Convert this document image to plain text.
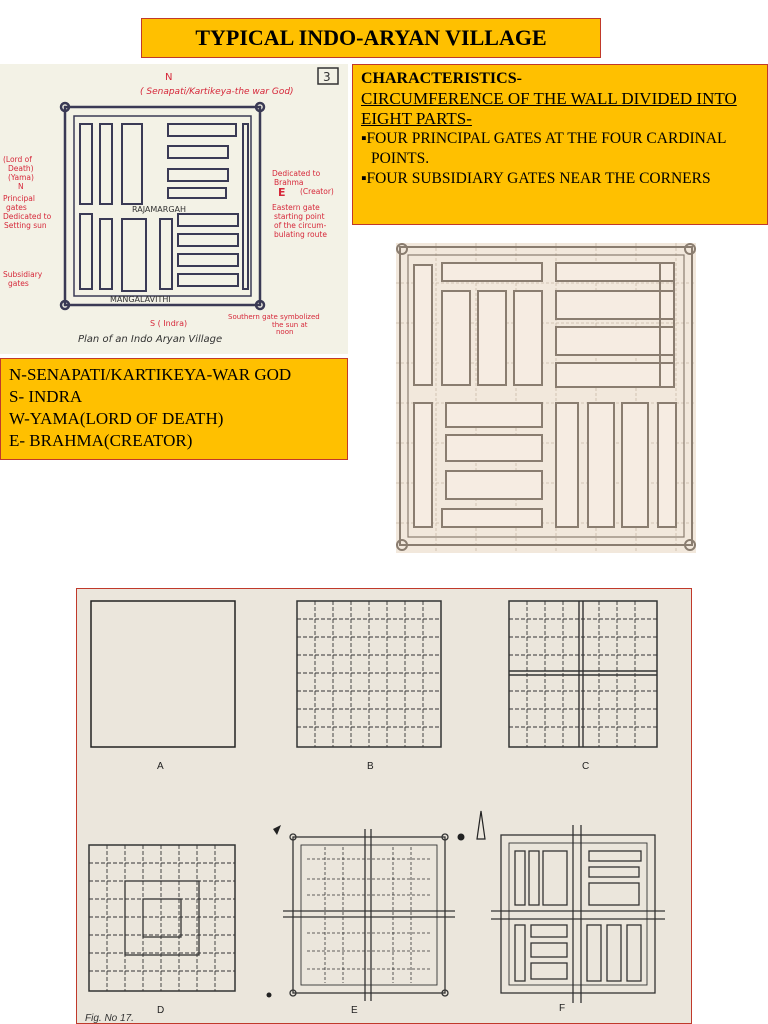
TYPICAL INDO-ARYAN VILLAGE
3
N
( Senapati/Kartikeya-the war God)
RAJAMARGAH
MANGALAVITHI
(Lord of
Death)
(Yama)
N
Principal
gates
Dedicated to
Setting sun
Subsidiary
gates
Dedicated to
Brahma
E (Creator)
Eastern gate
starting point
of the circum-
bulating route
S ( Indra)
Southern gate symbolized
the sun at
noon
Plan of an Indo Aryan Village
CHARACTERISTICS-
CIRCUMFERENCE OF THE WALL DIVIDED INTO EIGHT PARTS-
▪FOUR PRINCIPAL GATES AT THE FOUR CARDINAL POINTS.
▪FOUR SUBSIDIARY GATES NEAR THE CORNERS
N-SENAPATI/KARTIKEYA-WAR GOD
S- INDRA
W-YAMA(LORD OF DEATH)
E- BRAHMA(CREATOR)
A	B	C
D	E	F
Fig. No 17.
